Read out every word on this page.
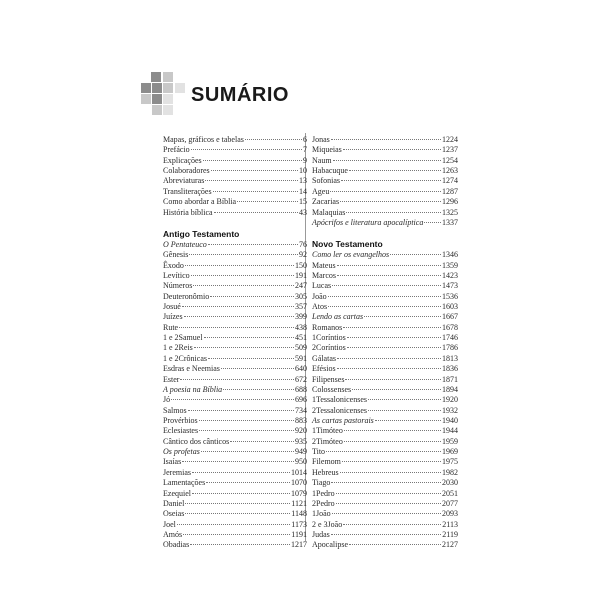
SUMÁRIO
Mapas, gráficos e tabelas	6
Prefácio	7
Explicações	9
Colaboradores	10
Abreviaturas	13
Transliterações	14
Como abordar a Bíblia	15
História bíblica	43
Antigo Testamento
O Pentateuco	76
Gênesis	92
Êxodo	150
Levítico	191
Números	247
Deuteronômio	305
Josué	357
Juízes	399
Rute	438
1 e 2Samuel	451
1 e 2Reis	509
1 e 2Crônicas	591
Esdras e Neemias	640
Ester	672
A poesia na Bíblia	688
Jó	696
Salmos	734
Provérbios	883
Eclesiastes	920
Cântico dos cânticos	935
Os profetas	949
Isaías	950
Jeremias	1014
Lamentações	1070
Ezequiel	1079
Daniel	1121
Oseias	1148
Joel	1173
Amós	1191
Obadias	1217
Jonas	1224
Miqueias	1237
Naum	1254
Habacuque	1263
Sofonias	1274
Ageu	1287
Zacarias	1296
Malaquias	1325
Apócrifos e literatura apocalíptica 1337
Novo Testamento
Como ler os evangelhos	1346
Mateus	1359
Marcos	1423
Lucas	1473
João	1536
Atos	1603
Lendo as cartas	1667
Romanos	1678
1Coríntios	1746
2Coríntios	1786
Gálatas	1813
Efésios	1836
Filipenses	1871
Colossenses	1894
1Tessalonicenses	1920
2Tessalonicenses	1932
As cartas pastorais	1940
1Timóteo	1944
2Timóteo	1959
Tito	1969
Filemom	1975
Hebreus	1982
Tiago	2030
1Pedro	2051
2Pedro	2077
1João	2093
2 e 3João	2113
Judas	2119
Apocalipse	2127
